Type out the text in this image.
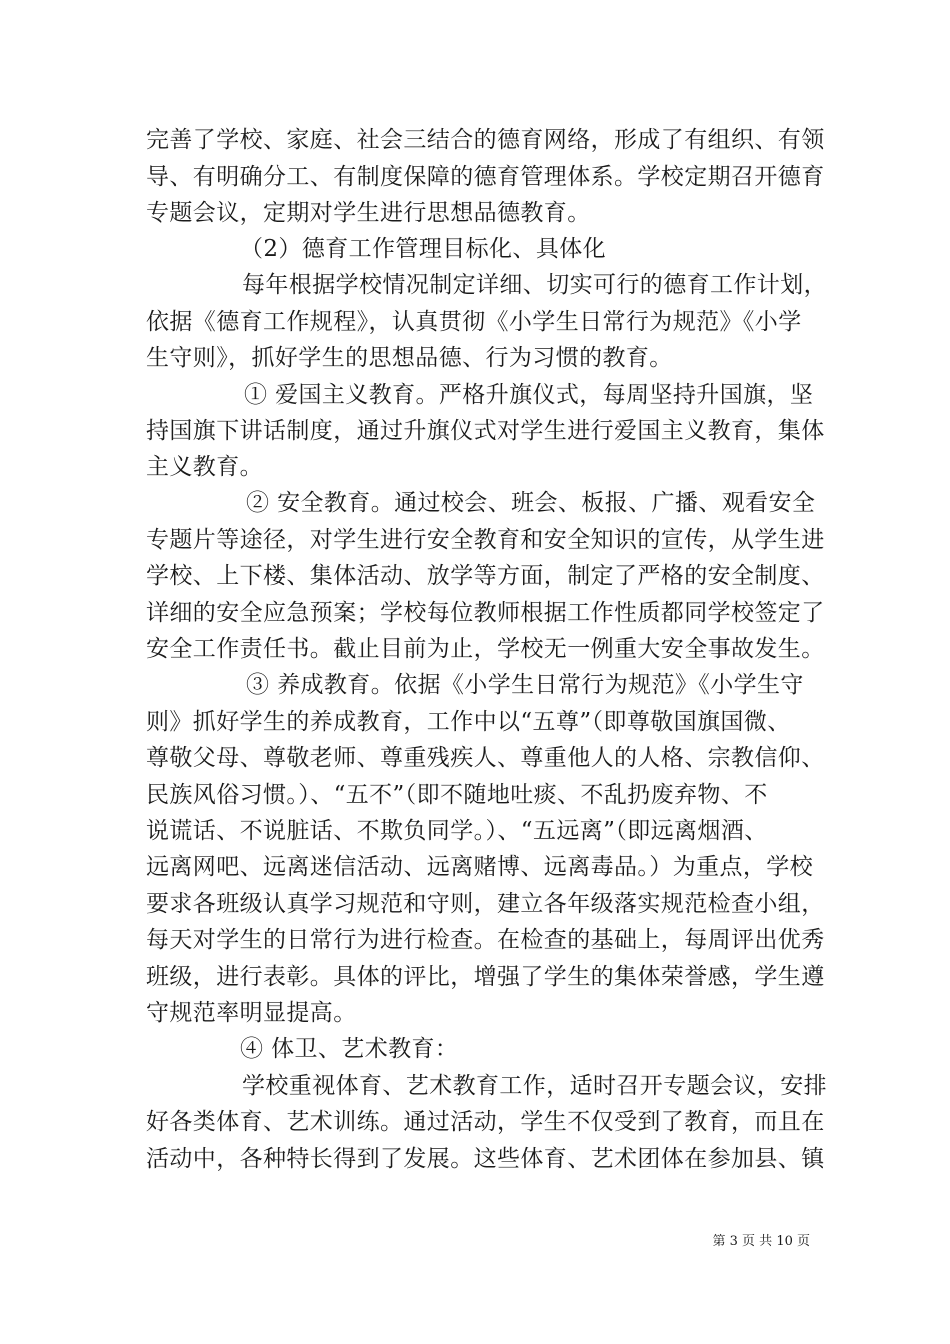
完善了学校、家庭、社会三结合的德育网络，形成了有组织、有领
导、有明确分工、有制度保障的德育管理体系。学校定期召开德育
专题会议，定期对学生进行思想品德教育。
（2）德育工作管理目标化、具体化
每年根据学校情况制定详细、切实可行的德育工作计划，
依据《德育工作规程》，认真贯彻《小学生日常行为规范》《小学
生守则》，抓好学生的思想品德、行为习惯的教育。
① 爱国主义教育。严格升旗仪式，每周坚持升国旗，坚
持国旗下讲话制度，通过升旗仪式对学生进行爱国主义教育，集体
主义教育。
② 安全教育。通过校会、班会、板报、广播、观看安全
专题片等途径，对学生进行安全教育和安全知识的宣传，从学生进
学校、上下楼、集体活动、放学等方面，制定了严格的安全制度、
详细的安全应急预案；学校每位教师根据工作性质都同学校签定了
安全工作责任书。截止目前为止，学校无一例重大安全事故发生。
③ 养成教育。依据《小学生日常行为规范》《小学生守
则》抓好学生的养成教育，工作中以“五尊”（即尊敬国旗国微、
尊敬父母、尊敬老师、尊重残疾人、尊重他人的人格、宗教信仰、
民族风俗习惯。）、“五不”（即不随地吐痰、不乱扔废弃物、不
说谎话、不说脏话、不欺负同学。）、“五远离”（即远离烟酒、
远离网吧、远离迷信活动、远离赌博、远离毒品。）为重点，学校
要求各班级认真学习规范和守则，建立各年级落实规范检查小组，
每天对学生的日常行为进行检查。在检查的基础上，每周评出优秀
班级，进行表彰。具体的评比，增强了学生的集体荣誉感，学生遵
守规范率明显提高。
④ 体卫、艺术教育：
学校重视体育、艺术教育工作，适时召开专题会议，安排
好各类体育、艺术训练。通过活动，学生不仅受到了教育，而且在
活动中，各种特长得到了发展。这些体育、艺术团体在参加县、镇
第 3 页 共 10 页
